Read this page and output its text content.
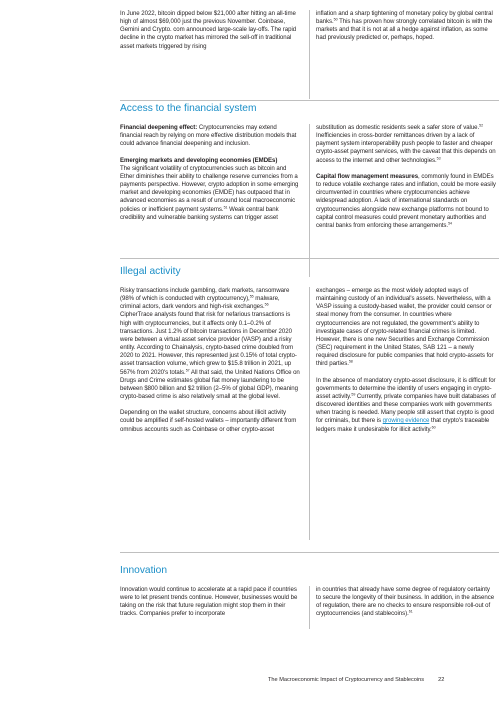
In June 2022, bitcoin dipped below $21,000 after hitting an all-time high of almost $69,000 just the previous November. Coinbase, Gemini and Crypto. com announced large-scale lay-offs. The rapid decline in the crypto market has mirrored the sell-off in traditional asset markets triggered by rising

inflation and a sharp tightening of monetary policy by global central banks.$^{50}$ This has proven how strongly correlated bitcoin is with the markets and that it is not at all a hedge against inflation, as some had previously predicted or, perhaps, hoped.

Access to the financial system

Financial deepening effect: Cryptocurrencies may extend financial reach by relying on more effective distribution models that could advance financial deepening and inclusion.

Emerging markets and developing economies (EMDEs)

The significant volatility of cryptocurrencies such as bitcoin and Ether diminishes their ability to challenge reserve currencies from a payments perspective. However, crypto adoption in some emerging market and developing economies (EMDE) has outpaced that in advanced economies as a result of unsound local macroeconomic policies or inefficient payment systems.$^{51}$ Weak central bank credibility and vulnerable banking systems can trigger asset

substitution as domestic residents seek a safer store of value.$^{52}$ Inefficiencies in cross-border remittances driven by a lack of payment system interoperability push people to faster and cheaper crypto-asset payment services, with the caveat that this depends on access to the internet and other technologies.$^{53}$

Capital flow management measures, commonly found in EMDEs to reduce volatile exchange rates and inflation, could be more easily circumvented in countries where cryptocurrencies achieve widespread adoption. A lack of international standards on cryptocurrencies alongside new exchange platforms not bound to capital control measures could prevent monetary authorities and central banks from enforcing these arrangements.$^{54}$

Illegal activity

Risky transactions include gambling, dark markets, ransomware (98% of which is conducted with cryptocurrency),$^{55}$ malware, criminal actors, dark vendors and high-risk exchanges.$^{56}$ CipherTrace analysts found that risk for nefarious transactions is high with cryptocurrencies, but it affects only 0.1–0.2% of transactions. Just 1.2% of bitcoin transactions in December 2020 were between a virtual asset service provider (VASP) and a risky entity. According to Chainalysis, crypto-based crime doubled from 2020 to 2021. However, this represented just 0.15% of total crypto-asset transaction volume, which grew to $15.8 trillion in 2021, up 567% from 2020's totals.$^{57}$ All that said, the United Nations Office on Drugs and Crime estimates global fiat money laundering to be between $800 billion and $2 trillion (2–5% of global GDP), meaning crypto-based crime is also relatively small at the global level.

Depending on the wallet structure, concerns about illicit activity could be amplified if self-hosted wallets – importantly different from omnibus accounts such as Coinbase or other crypto-asset

exchanges – emerge as the most widely adopted ways of maintaining custody of an individual's assets. Nevertheless, with a VASP issuing a custody-based wallet, the provider could censor or steal money from the consumer. In countries where cryptocurrencies are not regulated, the government's ability to investigate cases of crypto-related financial crimes is limited. However, there is one new Securities and Exchange Commission (SEC) requirement in the United States, SAB 121 – a newly required disclosure for public companies that hold crypto-assets for third parties.$^{58}$

In the absence of mandatory crypto-asset disclosure, it is difficult for governments to determine the identity of users engaging in crypto-asset activity.$^{59}$ Currently, private companies have built databases of discovered identities and these companies work with governments when tracing is needed. Many people still assert that crypto is good for criminals, but there is growing evidence that crypto's traceable ledgers make it undesirable for illicit activity.$^{60}$

Innovation

Innovation would continue to accelerate at a rapid pace if countries were to let present trends continue. However, businesses would be taking on the risk that future regulation might stop them in their tracks. Companies prefer to incorporate

in countries that already have some degree of regulatory certainty to secure the longevity of their business. In addition, in the absence of regulation, there are no checks to ensure responsible roll-out of cryptocurrencies (and stablecoins).$^{61}$

The Macroeconomic Impact of Cryptocurrency and Stablecoins	22
